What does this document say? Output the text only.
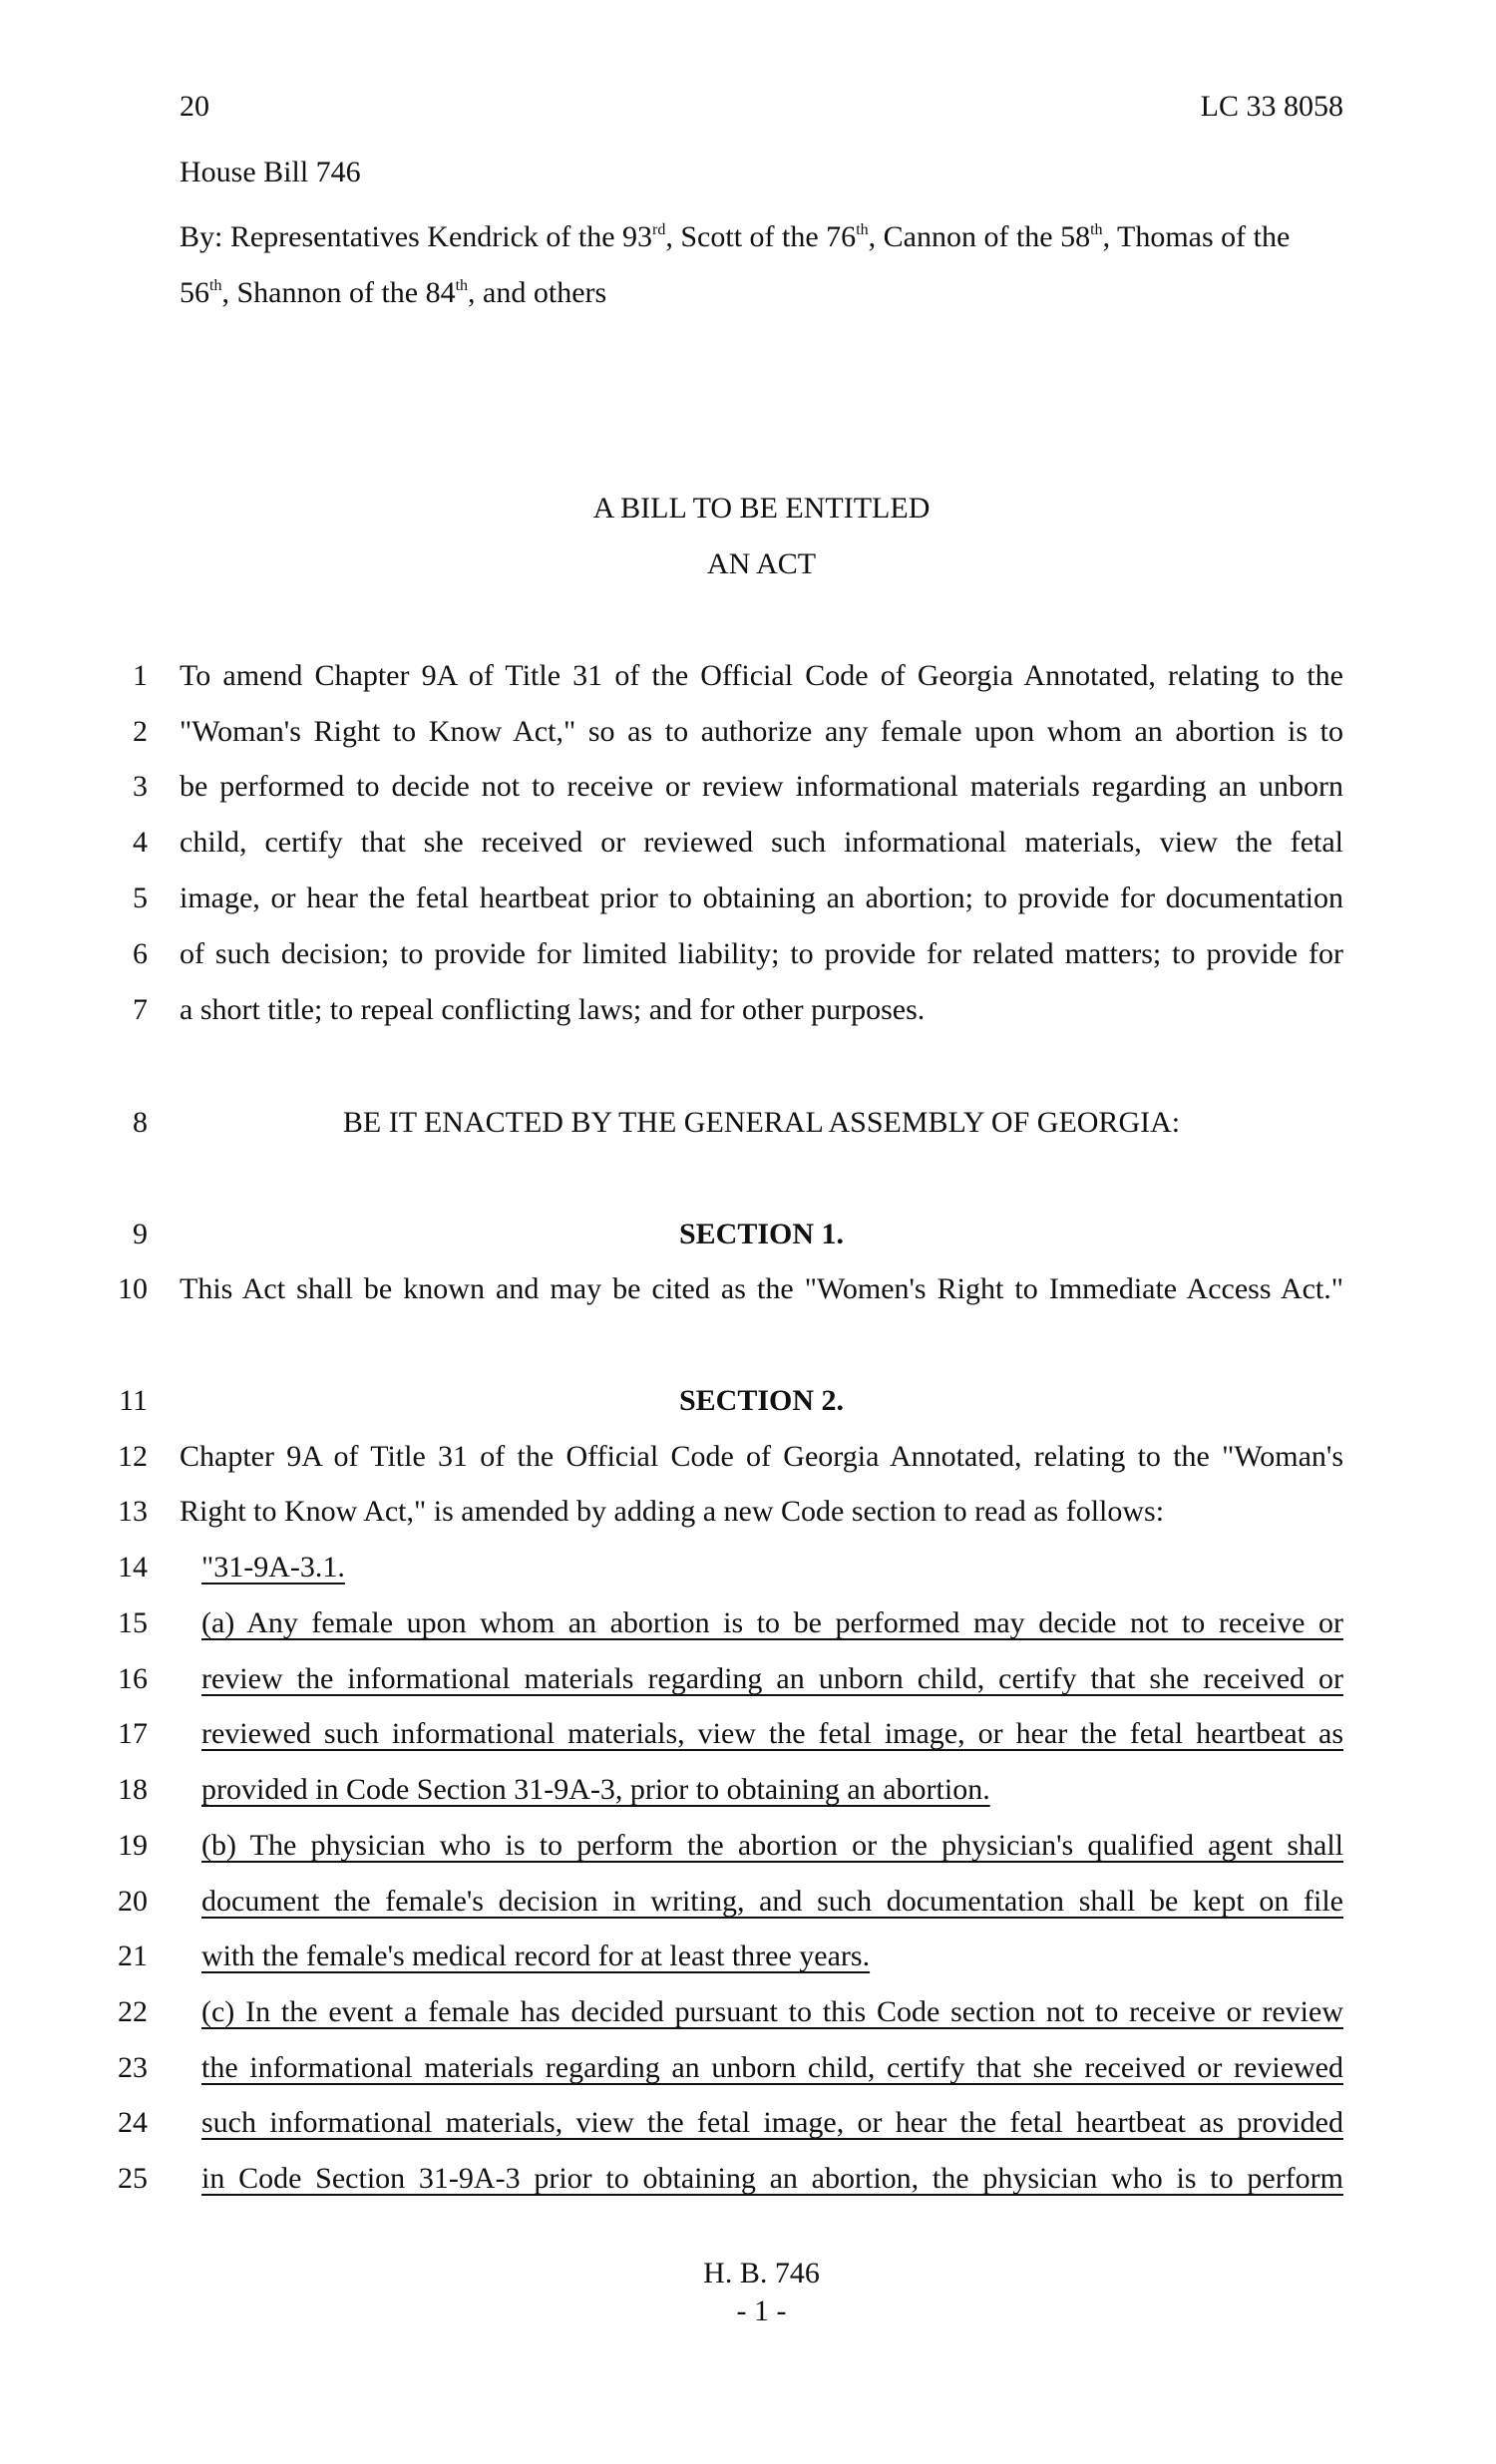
20	LC 33 8058
House Bill 746
By: Representatives Kendrick of the 93rd, Scott of the 76th, Cannon of the 58th, Thomas of the 56th, Shannon of the 84th, and others
A BILL TO BE ENTITLED
AN ACT
1 To amend Chapter 9A of Title 31 of the Official Code of Georgia Annotated, relating to the
2 "Woman's Right to Know Act," so as to authorize any female upon whom an abortion is to
3 be performed to decide not to receive or review informational materials regarding an unborn
4 child, certify that she received or reviewed such informational materials, view the fetal
5 image, or hear the fetal heartbeat prior to obtaining an abortion; to provide for documentation
6 of such decision; to provide for limited liability; to provide for related matters; to provide for
7 a short title; to repeal conflicting laws; and for other purposes.
8	BE IT ENACTED BY THE GENERAL ASSEMBLY OF GEORGIA:
9	SECTION 1.
10 This Act shall be known and may be cited as the "Women's Right to Immediate Access Act."
11	SECTION 2.
12 Chapter 9A of Title 31 of the Official Code of Georgia Annotated, relating to the "Woman's
13 Right to Know Act," is amended by adding a new Code section to read as follows:
14 "31-9A-3.1.
15 (a) Any female upon whom an abortion is to be performed may decide not to receive or
16 review the informational materials regarding an unborn child, certify that she received or
17 reviewed such informational materials, view the fetal image, or hear the fetal heartbeat as
18 provided in Code Section 31-9A-3, prior to obtaining an abortion.
19 (b) The physician who is to perform the abortion or the physician's qualified agent shall
20 document the female's decision in writing, and such documentation shall be kept on file
21 with the female's medical record for at least three years.
22 (c) In the event a female has decided pursuant to this Code section not to receive or review
23 the informational materials regarding an unborn child, certify that she received or reviewed
24 such informational materials, view the fetal image, or hear the fetal heartbeat as provided
25 in Code Section 31-9A-3 prior to obtaining an abortion, the physician who is to perform
H. B. 746
- 1 -
